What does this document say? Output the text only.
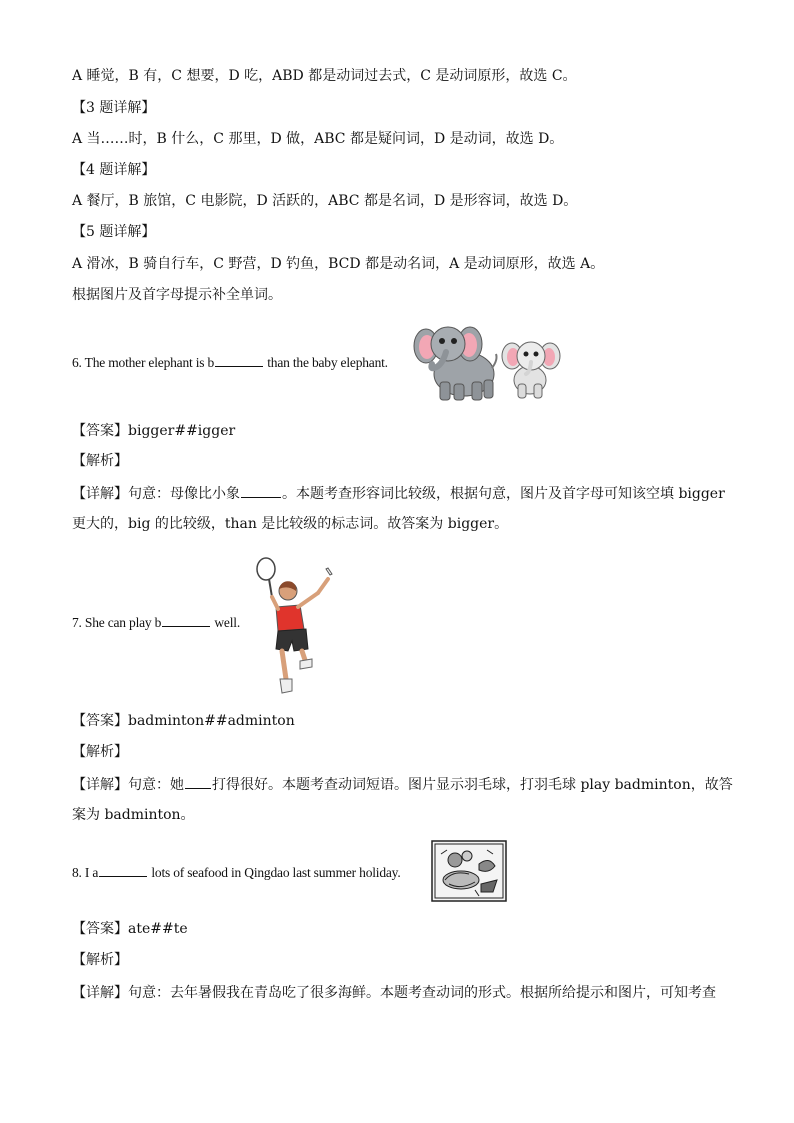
A 睡觉，B 有，C 想要，D 吃，ABD 都是动词过去式，C 是动词原形，故选 C。
【3 题详解】
A 当……时，B 什么，C 那里，D 做，ABC 都是疑问词，D 是动词，故选 D。
【4 题详解】
A 餐厅，B 旅馆，C 电影院，D 活跃的，ABC 都是名词，D 是形容词，故选 D。
【5 题详解】
A 滑冰，B 骑自行车，C 野营，D 钓鱼，BCD 都是动名词，A 是动词原形，故选 A。
根据图片及首字母提示补全单词。
6. The mother elephant is b	than the baby elephant.
【答案】bigger##igger
【解析】
【详解】句意：母像比小象	。本题考查形容词比较级，根据句意，图片及首字母可知该空填 bigger
更大的，big 的比较级，than 是比较级的标志词。故答案为 bigger。
7. She can play b	well.
【答案】badminton##adminton
【解析】
【详解】句意：她 打得很好。本题考查动词短语。图片显示羽毛球，打羽毛球 play badminton，故答
案为 badminton。
8. I a	lots of seafood in Qingdao last summer holiday.
【答案】ate##te
【解析】
【详解】句意：去年暑假我在青岛吃了很多海鲜。本题考查动词的形式。根据所给提示和图片，可知考查
